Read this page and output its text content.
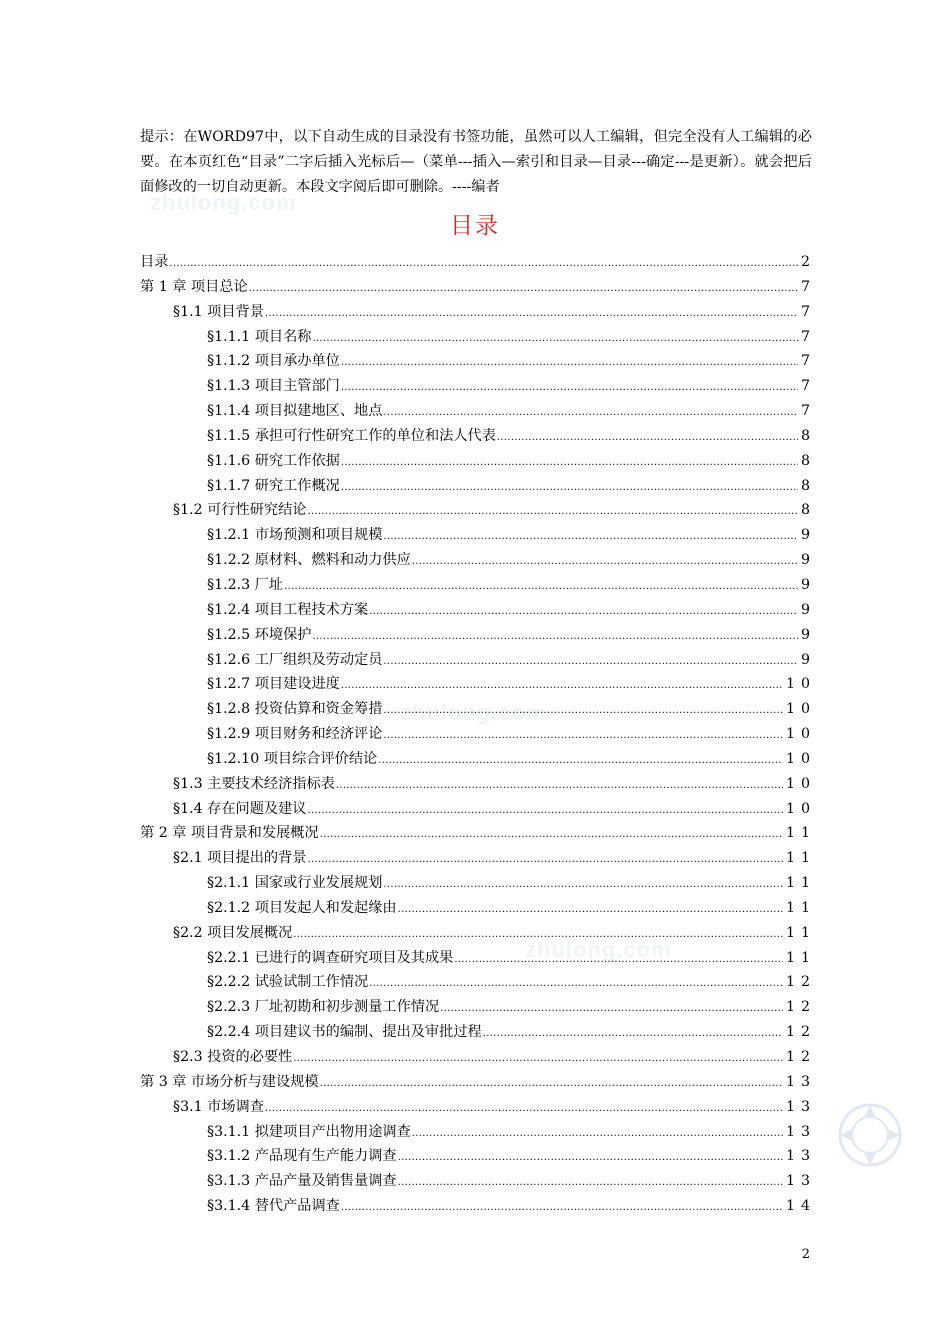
zhulong.com
zhulong.com
zhulong.com
提示：在WORD97中，以下自动生成的目录没有书签功能，虽然可以人工编辑，但完全没有人工编辑的必要。在本页红色“目录”二字后插入光标后—（菜单---插入—索引和目录—目录---确定---是更新）。就会把后面修改的一切自动更新。本段文字阅后即可删除。----编者
目录
目录 .....	2
第 1 章 项目总论 .....	7
§1.1 项目背景 .....	7
§1.1.1 项目名称 .....	7
§1.1.2 项目承办单位 .....	7
§1.1.3 项目主管部门 .....	7
§1.1.4 项目拟建地区、地点 .....	7
§1.1.5 承担可行性研究工作的单位和法人代表 .....	8
§1.1.6 研究工作依据 .....	8
§1.1.7 研究工作概况 .....	8
§1.2 可行性研究结论 .....	8
§1.2.1 市场预测和项目规模 .....	9
§1.2.2 原材料、燃料和动力供应 .....	9
§1.2.3 厂址 .....	9
§1.2.4 项目工程技术方案 .....	9
§1.2.5 环境保护 .....	9
§1.2.6 工厂组织及劳动定员 .....	9
§1.2.7 项目建设进度 .....	10
§1.2.8 投资估算和资金筹措 .....	10
§1.2.9 项目财务和经济评论 .....	10
§1.2.10 项目综合评价结论 .....	10
§1.3 主要技术经济指标表 .....	10
§1.4 存在问题及建议 .....	10
第 2 章 项目背景和发展概况 .....	11
§2.1 项目提出的背景 .....	11
§2.1.1 国家或行业发展规划 .....	11
§2.1.2 项目发起人和发起缘由 .....	11
§2.2 项目发展概况 .....	11
§2.2.1 已进行的调查研究项目及其成果 .....	11
§2.2.2 试验试制工作情况 .....	12
§2.2.3 厂址初勘和初步测量工作情况 .....	12
§2.2.4 项目建议书的编制、提出及审批过程 .....	12
§2.3 投资的必要性 .....	12
第 3 章 市场分析与建设规模 .....	13
§3.1 市场调查 .....	13
§3.1.1 拟建项目产出物用途调查 .....	13
§3.1.2 产品现有生产能力调查 .....	13
§3.1.3 产品产量及销售量调查 .....	13
§3.1.4 替代产品调查 .....	14
2
